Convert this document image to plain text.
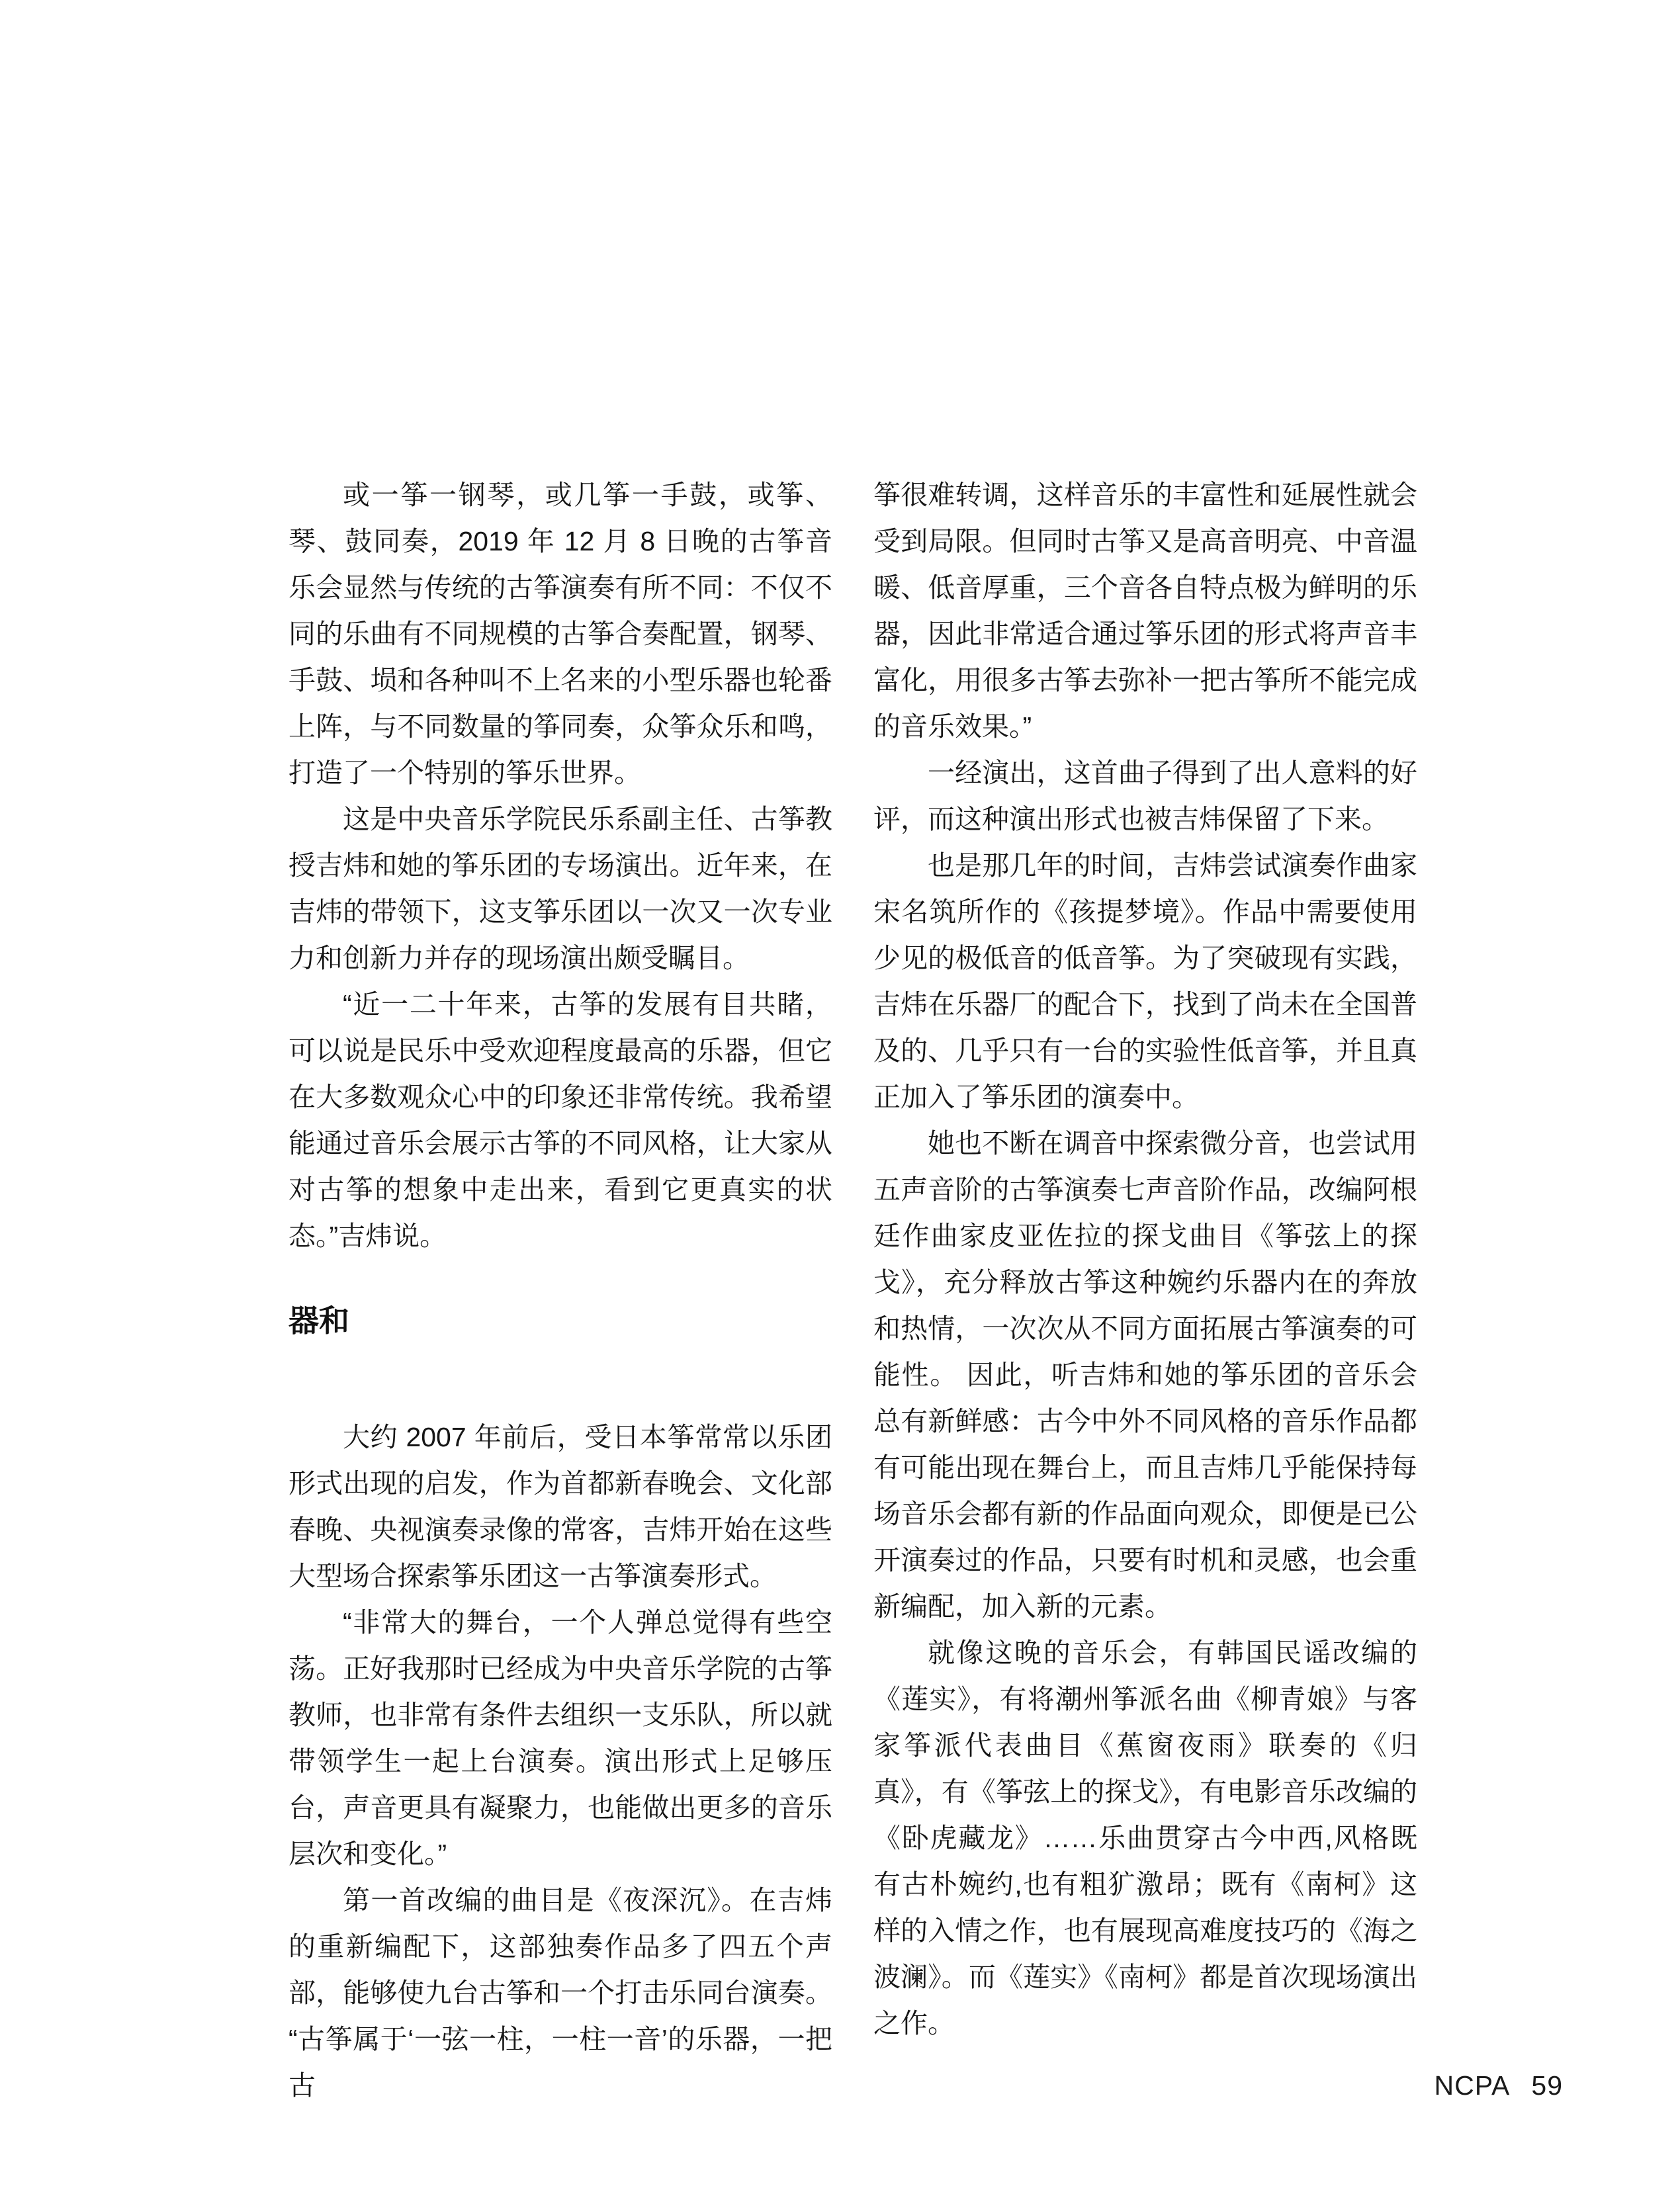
或一筝一钢琴，或几筝一手鼓，或筝、琴、鼓同奏，2019 年 12 月 8 日晚的古筝音乐会显然与传统的古筝演奏有所不同：不仅不同的乐曲有不同规模的古筝合奏配置，钢琴、手鼓、埙和各种叫不上名来的小型乐器也轮番上阵，与不同数量的筝同奏，众筝众乐和鸣，打造了一个特别的筝乐世界。

这是中央音乐学院民乐系副主任、古筝教授吉炜和她的筝乐团的专场演出。近年来，在吉炜的带领下，这支筝乐团以一次又一次专业力和创新力并存的现场演出颇受瞩目。

“近一二十年来，古筝的发展有目共睹，可以说是民乐中受欢迎程度最高的乐器，但它在大多数观众心中的印象还非常传统。我希望能通过音乐会展示古筝的不同风格，让大家从对古筝的想象中走出来，看到它更真实的状态。”吉炜说。

器和

大约 2007 年前后，受日本筝常常以乐团形式出现的启发，作为首都新春晚会、文化部春晚、央视演奏录像的常客，吉炜开始在这些大型场合探索筝乐团这一古筝演奏形式。

“非常大的舞台，一个人弹总觉得有些空荡。正好我那时已经成为中央音乐学院的古筝教师，也非常有条件去组织一支乐队，所以就带领学生一起上台演奏。演出形式上足够压台，声音更具有凝聚力，也能做出更多的音乐层次和变化。”

第一首改编的曲目是《夜深沉》。在吉炜的重新编配下，这部独奏作品多了四五个声部，能够使九台古筝和一个打击乐同台演奏。“古筝属于‘一弦一柱，一柱一音’的乐器，一把古

筝很难转调，这样音乐的丰富性和延展性就会受到局限。但同时古筝又是高音明亮、中音温暖、低音厚重，三个音各自特点极为鲜明的乐器，因此非常适合通过筝乐团的形式将声音丰富化，用很多古筝去弥补一把古筝所不能完成的音乐效果。”

一经演出，这首曲子得到了出人意料的好评，而这种演出形式也被吉炜保留了下来。

也是那几年的时间，吉炜尝试演奏作曲家宋名筑所作的《孩提梦境》。作品中需要使用少见的极低音的低音筝。为了突破现有实践，吉炜在乐器厂的配合下，找到了尚未在全国普及的、几乎只有一台的实验性低音筝，并且真正加入了筝乐团的演奏中。

她也不断在调音中探索微分音，也尝试用五声音阶的古筝演奏七声音阶作品，改编阿根廷作曲家皮亚佐拉的探戈曲目《筝弦上的探戈》，充分释放古筝这种婉约乐器内在的奔放和热情，一次次从不同方面拓展古筝演奏的可能性。 因此，听吉炜和她的筝乐团的音乐会总有新鲜感：古今中外不同风格的音乐作品都有可能出现在舞台上，而且吉炜几乎能保持每场音乐会都有新的作品面向观众，即便是已公开演奏过的作品，只要有时机和灵感，也会重新编配，加入新的元素。

就像这晚的音乐会，有韩国民谣改编的《莲实》，有将潮州筝派名曲《柳青娘》与客家筝派代表曲目《蕉窗夜雨》联奏的《归真》，有《筝弦上的探戈》，有电影音乐改编的《卧虎藏龙》……乐曲贯穿古今中西,风格既有古朴婉约,也有粗犷激昂；既有《南柯》这样的入情之作，也有展现高难度技巧的《海之波澜》。而《莲实》《南柯》都是首次现场演出之作。

NCPA 59
